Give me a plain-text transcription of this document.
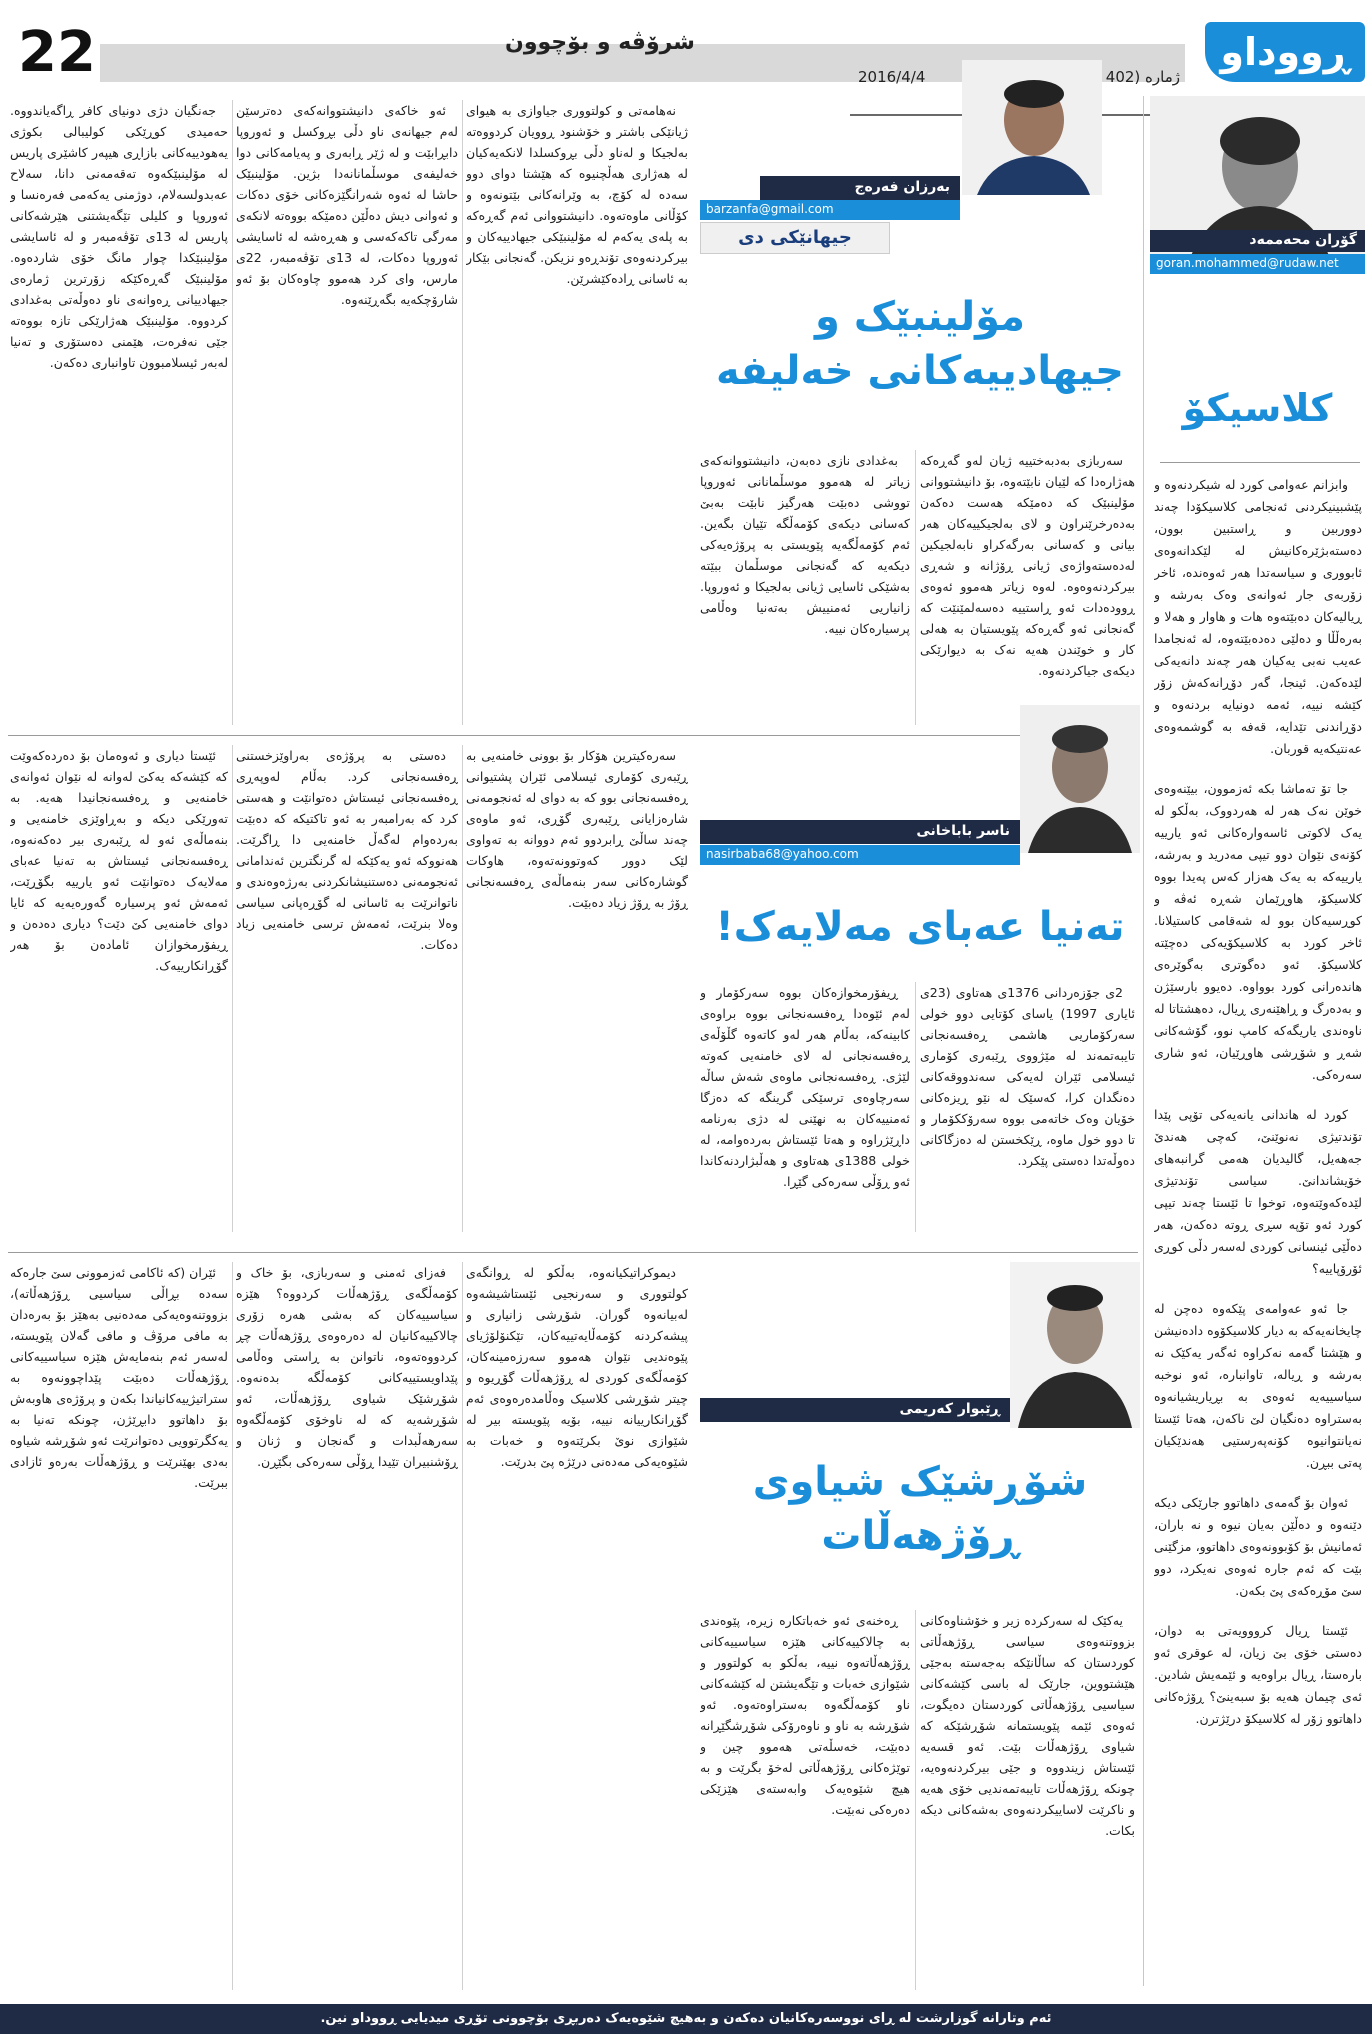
22	شرۆڤە و بۆچوون
ژمارە (402
2016/4/4
ڕووداو
گۆران محەممەد
goran.mohammed@rudaw.net
کلاسیکۆ

وابزانم عەوامی کورد لە شیکردنەوە و پێشبینیکردنی ئەنجامی کلاسیکۆدا چەند دووربین و ڕاستبین بوون، دەستەبژێرەکانیش لە لێکدانەوەی ئابووری و سیاسەتدا هەر ئەوەندە، ئاخر زۆربەی جار ئەوانەی وەک بەرشە و ڕیالیەکان دەبێتەوە هات و هاوار و هەلا و بەرەڵڵا و دەلێی دەدەبێتەوە، لە ئەنجامدا عەیب نەبی یەکیان هەر چەند دانەیەکی لێدەکەن. ئینجا، گەر دۆڕانەکەش زۆر کێشە نییە، ئەمە دونیایە بردنەوە و دۆڕاندنی تێدایە، قەفە بە گوشمەوەی عەنتیکەیە قوربان.

جا تۆ تەماشا بکە ئەزموون، بیێنەوەی خوێن نەک هەر لە هەردووک، بەڵکو لە یەک لاکوتی ئاسەوارەکانی ئەو یارییە کۆنەی نێوان دوو تیپی مەدرید و بەرشە، یارییەکە بە یەک هەزار کەس پەیدا بووە کلاسیکۆ، هاوڕێمان شەڕە ئەڤە و کوڕسیەکان بوو لە شەقامی کاستیلانا. ئاخر کورد بە کلاسیکۆیەکی دەچێتە کلاسیکۆ. ئەو دەگوتری بەگوێرەی هاندەرانی کورد بوواوە. دەیوو بارسێژن و بەدەرگ و ڕاهێنەری ڕیال، دەهشتاتا لە ناوەندی یاریگەکە کامپ نوو، گۆشەکانی شەڕ و شۆڕشی هاوڕێیان، ئەو شاری سەرەکی.

کورد لە هاندانی یانەیەکی تۆپی پێدا تۆندتیژی نەنوێنێ، کەچی هەندێ جەهەیل، گالیدیان هەمی گرانبەهای خۆیشاندانێ. سیاسی تۆندتیژی لێدەکەوێتەوە، توخوا تا ئێستا چەند تیپی کورد ئەو تۆپە سڕی ڕوتە دەکەن، هەر دەڵێی ئینسانی کوردی لەسەر دڵی کوڕی ئۆرۆپاییە؟

جا ئەو عەوامەی پێکەوە دەچن لە چایخانەیەکە بە دیار کلاسیکۆوە دادەنیشن و هێشتا گەمە نەکراوە ئەگەر یەکێک نە بەرشە و ڕیالە، تاوانبارە، ئەو نوخبە سیاسییەیە ئەوەی بە بڕیاریشیانەوە بەستراوە دەنگیان لێ ناکەن، هەتا ئێستا نەیانتوانیوە کۆنەپەرستیی هەندێکیان پەتی ببڕن.

ئەوان بۆ گەمەی داهاتوو جارێکی دیکە دێنەوە و دەڵێن بەیان نیوە و نە باران، ئەمانیش بۆ کۆبوونەوەی داهاتوو، مزگێنی بێت کە ئەم جارە ئەوەی نەیکرد، دوو سێ مۆڕەکەی پێ بکەن.

ئێستا ڕیال کرووویەتی بە دوان، دەستی خۆی بێ زیان، لە عوقری ئەو بارەستا، ڕیال براوەیە و ئێمەیش شادین. ئەی چیمان هەیە بۆ سبەینێ؟ ڕۆژەکانی داهاتوو زۆر لە کلاسیکۆ درێژترن.

بەرزان فەرەج
barzanfa@gmail.com
جیهانێکی دی
مۆلینبێک و
جیهادییەکانی خەلیفە

سەربازی بەدبەختییە ژیان لەو گەڕەکە هەژارەدا کە لێیان نابێتەوە، بۆ دانیشتووانی مۆلینبێک کە دەمێکە هەست دەکەن بەدەرخرێنراون و لای بەلجیکییەکان هەر بیانی و کەسانی بەرگەکراو نابەلجیکین لەدەستەواژەی ژیانی ڕۆژانە و شەڕی بیرکردنەوەوە. لەوە زیاتر هەموو ئەوەی ڕوودەدات ئەو ڕاستییە دەسەلمێنێت کە گەنجانی ئەو گەڕەکە پێویستیان بە هەلی کار و خوێندن هەیە نەک بە دیوارێکی دیکەی جیاکردنەوە.

بەغدادی نازی دەبەن، دانیشتووانەکەی زیاتر لە هەموو موسڵمانانی ئەوروپا تووشی دەبێت هەرگیز نابێت بەبێ کەسانی دیکەی کۆمەڵگە تێیان بگەین. ئەم کۆمەڵگەیە پێویستی بە پرۆژەیەکی دیکەیە کە گەنجانی موسڵمان ببێتە بەشێکی ئاسایی ژیانی بەلجیکا و ئەوروپا. زانیاریی ئەمنییش بەتەنیا وەڵامی پرسیارەکان نییە.

نەهامەتی و کولتووری جیاوازی بە هیوای ژیانێکی باشتر و خۆشنود ڕوویان کردووەتە بەلجیکا و لەناو دڵی بڕوکسلدا لانکەیەکیان لە هەژاری هەڵچنیوە کە هێشتا دوای دوو سەدە لە کۆچ، بە وێرانەکانی بێتونەوە و کۆڵانی ماوەتەوە. دانیشتووانی ئەم گەڕەکە بە پلەی یەکەم لە مۆلینبێکی جیهادییەکان و بیرکردنەوەی تۆندڕەو نزیکن. گەنجانی بێکار بە ئاسانی ڕادەکێشرێن.

ئەو خاکەی دانیشتووانەکەی دەترسێن لەم جیهانەی ناو دڵی بڕوکسل و ئەوروپا دابڕابێت و لە ژێر ڕابەری و پەیامەکانی دوا خەلیفەی موسڵمانانەدا بژین. مۆلینبێک حاشا لە ئەوە شەرانگێزەکانی خۆی دەکات و ئەوانی دیش دەڵێن دەمێکە بووەتە لانکەی مەرگی تاکەکەسی و هەڕەشە لە ئاسایشی ئەوروپا دەکات، لە 13ی تۆڤەمبەر، 22ی مارس، وای کرد هەموو چاوەکان بۆ ئەو شارۆچکەیە بگەڕێنەوە.

جەنگیان دژی دونیای کافر ڕاگەیاندووە. حەمیدی کوڕێکی کولیبالی بکوژی یەهودییەکانی بازاڕی هیپەر کاشێری پاریس لە مۆلینبێکەوە تەقەمەنی دانا، سەلاح عەبدولسەلام، دوژمنی یەکەمی فەرەنسا و ئەوروپا و کلیلی تێگەیشتنی هێرشەکانی پاریس لە 13ی تۆڤەمبەر و لە ئاسایشی مۆلینبێکدا چوار مانگ خۆی شاردەوە. مۆلینبێک گەڕەکێکە زۆرترین ژمارەی جیهادییانی ڕەوانەی ناو دەوڵەتی بەغدادی کردووە. مۆلینبێک هەژارێکی تازە بووەتە جێی نەفرەت، هێمنی دەستۆری و تەنیا لەبەر ئیسلامبوون تاوانباری دەکەن.

ناسر باباخانی
nasirbaba68@yahoo.com
تەنیا عەبای مەلایەک!

2ی جۆزەردانی 1376ی هەتاوی (23ی ئایاری 1997) یاسای کۆتایی دوو خولی سەرکۆماریی هاشمی ڕەفسەنجانی تایبەتمەند لە مێژووی ڕێبەری کۆماری ئیسلامی ئێران لەیەکی سەندووقەکانی دەنگدان کرا، کەسێک لە نێو ڕیزەکانی خۆیان وەک خاتەمی بووە سەرۆککۆمار و تا دوو خول ماوە، ڕێکخستن لە دەزگاکانی دەوڵەتدا دەستی پێکرد.

ڕیفۆرمخوازەکان بووە سەرکۆمار و لەم ئێوەدا ڕەفسەنجانی بووە براوەی کابینەکە، بەڵام هەر لەو کاتەوە گڵۆڵەی ڕەفسەنجانی لە لای خامنەیی کەوتە لێژی. ڕەفسەنجانی ماوەی شەش ساڵە سەرچاوەی ترسێکی گرینگە کە دەزگا ئەمنییەکان بە نهێنی لە دژی بەرنامە داڕێژراوە و هەتا ئێستاش بەردەوامە، لە خولی 1388ی هەتاوی و هەڵبژاردنەکاندا ئەو ڕۆڵی سەرەکی گێڕا.

سەرەکیترین هۆکار بۆ بوونی خامنەیی بە ڕێبەری کۆماری ئیسلامی ئێران پشتیوانی ڕەفسەنجانی بوو کە بە دوای لە ئەنجومەنی شارەزایانی ڕێبەری گۆڕی، ئەو ماوەی چەند ساڵێ ڕابردوو ئەم دووانە بە تەواوی لێک دوور کەوتوونەتەوە، هاوکات گوشارەکانی سەر بنەماڵەی ڕەفسەنجانی ڕۆژ بە ڕۆژ زیاد دەبێت.

دەستی بە پرۆژەی بەراوێزخستنی ڕەفسەنجانی کرد. بەڵام لەوپەڕی ڕەفسەنجانی ئیستاش دەتوانێت و هەستی کرد کە بەرامبەر بە ئەو تاکتیکە کە دەبێت بەردەوام لەگەڵ خامنەیی دا ڕاگرێت. هەنووکە ئەو یەکێکە لە گرنگترین ئەندامانی ئەنجومەنی دەستنیشانکردنی بەرژەوەندی و ناتوانرێت بە ئاسانی لە گۆڕەپانی سیاسی وەلا بنرێت، ئەمەش ترسی خامنەیی زیاد دەکات.

ئێستا دیاری و ئەوەمان بۆ دەردەکەوێت کە کێشەکە یەکێ لەوانە لە نێوان ئەوانەی خامنەیی و ڕەفسەنجانیدا هەیە. بە تەورێکی دیکە و بەڕاوێزی خامنەیی و بنەماڵەی ئەو لە ڕێبەری بیر دەکەنەوە، ڕەفسەنجانی ئیستاش بە تەنیا عەبای مەلایەک دەتوانێت ئەو یارییە بگۆڕێت، ئەمەش ئەو پرسیارە گەورەیەیە کە ئایا دوای خامنەیی کێ دێت؟ دیاری دەدەن و ڕیفۆرمخوازان ئامادەن بۆ هەر گۆڕانکارییەک.

ڕێبوار کەریمی
شۆڕشێک شیاوی
ڕۆژهەڵات

یەکێک لە سەرکردە زیر و خۆشناوەکانی بزووتنەوەی سیاسی ڕۆژهەڵاتی کوردستان کە ساڵانێکە بەجەسته بەجێی هێشتووین، جارێک لە باسی کێشەکانی سیاسیی ڕۆژهەڵاتی کوردستان دەیگوت، ئەوەی ئێمە پێویستمانە شۆڕشێکە کە شیاوی ڕۆژهەڵات بێت. ئەو قسەیە ئێستاش زیندووە و جێی بیرکردنەوەیە، چونکە ڕۆژهەڵات تایبەتمەندیی خۆی هەیە و ناکرێت لاساییکردنەوەی بەشەکانی دیکە بکات.

ڕەخنەی ئەو خەباتکارە زیرە، پێوەندی بە چالاکییەکانی هێزە سیاسییەکانی ڕۆژهەڵاتەوە نییە، بەڵکو بە کولتوور و شێوازی خەبات و تێگەیشتن لە کێشەکانی ناو کۆمەڵگەوە بەستراوەتەوە. ئەو شۆڕشە بە ناو و ناوەرۆکی شۆڕشگێڕانە دەبێت، خەسڵەتی هەموو چین و توێژەکانی ڕۆژهەڵاتی لەخۆ بگرێت و بە هیچ شێوەیەک وابەستەی هێزێکی دەرەکی نەبێت.

دیموکراتیکیانەوە، بەڵکو لە ڕوانگەی کولتووری و سەرنجیی ئێستاشیشەوە لەبیانەوە گوران. شۆڕشی زانیاری و پیشەکردنە کۆمەڵایەتییەکان، تێکنۆلۆژیای پێوەندیی نێوان هەموو سەرزەمینەکان، کۆمەڵگەی کوردی لە ڕۆژهەڵات گۆڕیوە و چیتر شۆڕشی کلاسیک وەڵامدەرەوەی ئەم گۆڕانکارییانە نییە، بۆیە پێویستە بیر لە شێوازی نوێ بکرێتەوە و خەبات بە شێوەیەکی مەدەنی درێژە پێ بدرێت.

فەزای ئەمنی و سەربازی، بۆ خاک و کۆمەڵگەی ڕۆژهەڵات کردووە؟ هێزە سیاسییەکان کە بەشی هەرە زۆری چالاکییەکانیان لە دەرەوەی ڕۆژهەڵات چڕ کردووەتەوە، ناتوانن بە ڕاستی وەڵامی پێداویستییەکانی کۆمەڵگە بدەنەوە. شۆڕشێک شیاوی ڕۆژهەڵات، ئەو شۆڕشەیە کە لە ناوخۆی کۆمەڵگەوە سەرهەڵبدات و گەنجان و ژنان و ڕۆشنبیران تێیدا ڕۆڵی سەرەکی بگێڕن.

ئێران (کە ئاکامی ئەزموونی سێ جارەکە سەدە بڕاڵی سیاسیی ڕۆژهەڵاتە)، بزووتنەوەیەکی مەدەنیی بەهێز بۆ بەرەدان بە مافی مرۆڤ و مافی گەلان پێویستە، لەسەر ئەم بنەمایەش هێزە سیاسییەکانی ڕۆژهەڵات دەبێت پێداچوونەوە بە ستراتیژییەکانیاندا بکەن و پرۆژەی هاوبەش بۆ داهاتوو دابڕێژن، چونکە تەنیا بە یەکگرتوویی دەتوانرێت ئەو شۆڕشە شیاوە بەدی بهێنرێت و ڕۆژهەڵات بەرەو ئازادی ببرێت.

ئەم وتارانە گوزارشت لە ڕای نووسەرەکانیان دەکەن و بەهیچ شێوەیەک دەربڕی بۆچوونی تۆڕی میدیایی ڕووداو نین.
